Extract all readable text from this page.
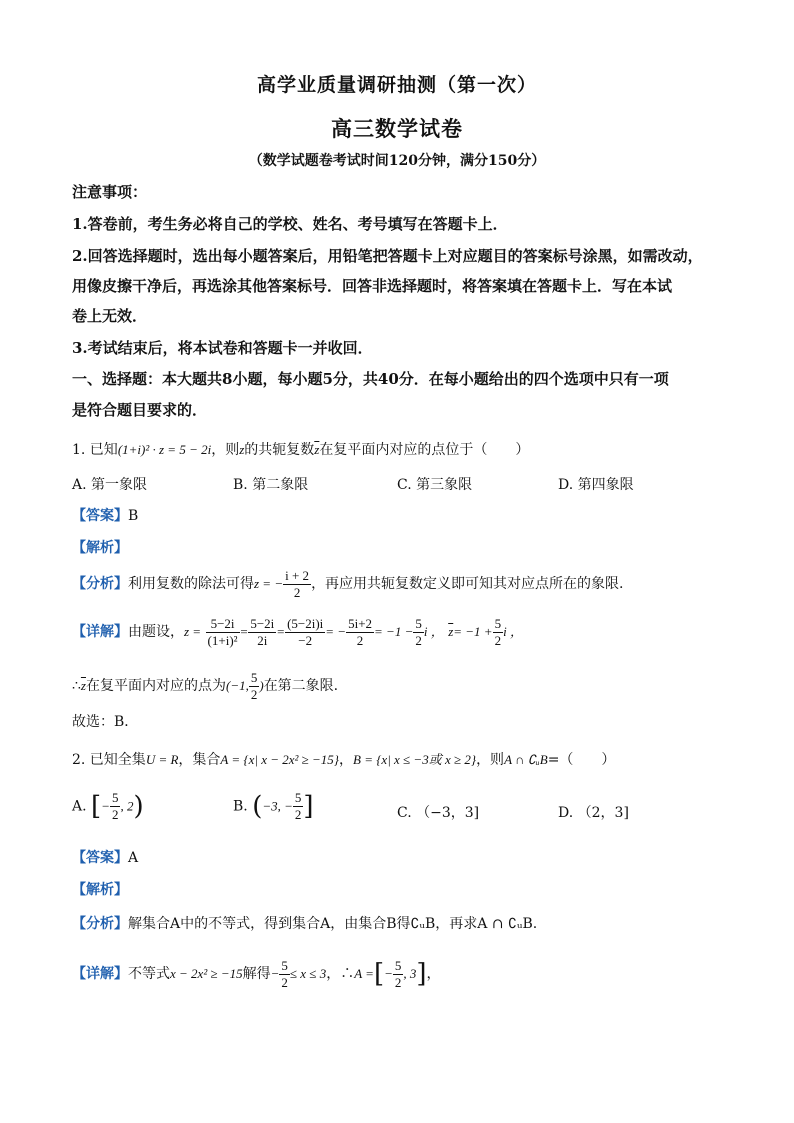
高学业质量调研抽测（第一次）
高三数学试卷
（数学试题卷考试时间120分钟，满分150分）
注意事项：
1.答卷前，考生务必将自己的学校、姓名、考号填写在答题卡上．
2.回答选择题时，选出每小题答案后，用铅笔把答题卡上对应题目的答案标号涂黑，如需改动，
用像皮擦干净后，再选涂其他答案标号．回答非选择题时，将答案填在答题卡上．写在本试
卷上无效．
3.考试结束后，将本试卷和答题卡一并收回．
一、选择题：本大题共8小题，每小题5分，共40分．在每小题给出的四个选项中只有一项
是符合题目要求的．
1. 已知(1+i)² · z = 5 − 2i，则z的共轭复数$\overline{z}$在复平面内对应的点位于（　　）
A. 第一象限	B. 第二象限	C. 第三象限	D. 第四象限
【答案】B
【解析】
【分析】利用复数的除法可得z = − $\frac{i + 2}{2}$ ，再应用共轭复数定义即可知其对应点所在的象限.
【详解】由题设，$z = \frac{5-2i}{\text{(1+i)²}} = \frac{5-2i}{2i} = \frac{(5-2i)i}{-2}$ = − $\frac{5i+2}{2} = -1 - \frac{5}{2}$ i ， $\overline{z}= -1 + \frac{5}{2}$ i ，
$\therefore\overline{z}$在复平面内对应的点为(−1, $\frac{5}{2}$ )在第二象限.
故选：B．
2. 已知全集U = R，集合A = {x| x − 2x² ≥ −15}，B = {x| x ≤ −3或 x ≥ 2}，则A ∩ ∁ᵤB=（　　）
A. [− $\frac{5}{2}$ , 2)	B. (−3, − $\frac{5}{2}$ ]	C. （−3，3]	D. （2，3]
【答案】A
【解析】
【分析】解集合A中的不等式，得到集合A，由集合B得∁ᵤB，再求A ∩ ∁ᵤB.
【详解】不等式x − 2x² ≥ −15解得− $\frac{5}{2} \le x \le 3$，∴A =[− $\frac{5}{2}$ , 3]，
